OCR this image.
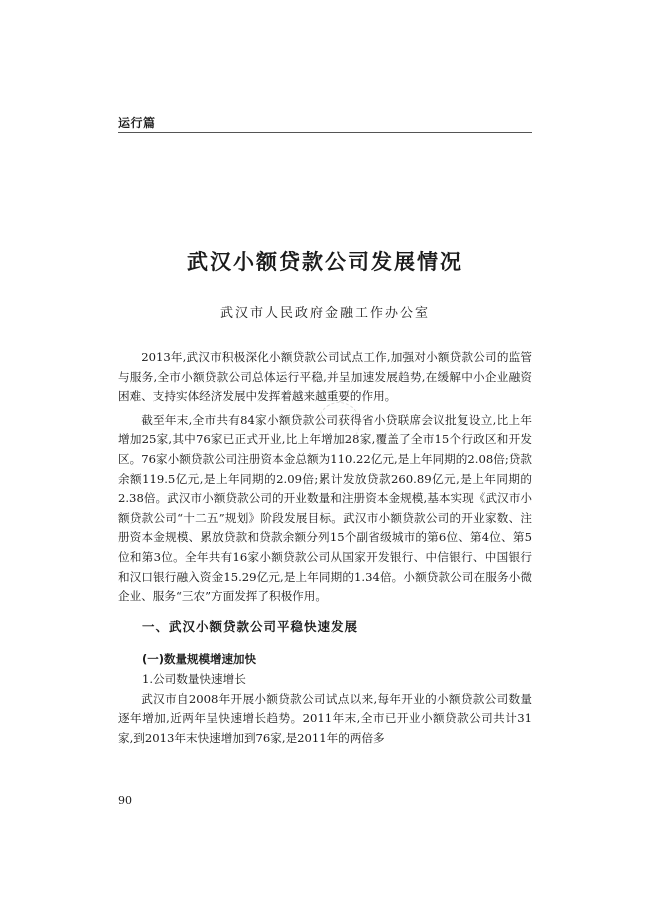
运行篇
武汉小额贷款公司发展情况
武汉市人民政府金融工作办公室

2013年,武汉市积极深化小额贷款公司试点工作,加强对小额贷款公司的监管与服务,全市小额贷款公司总体运行平稳,并呈加速发展趋势,在缓解中小企业融资困难、支持实体经济发展中发挥着越来越重要的作用。

截至年末,全市共有84家小额贷款公司获得省小贷联席会议批复设立,比上年增加25家,其中76家已正式开业,比上年增加28家,覆盖了全市15个行政区和开发区。76家小额贷款公司注册资本金总额为110.22亿元,是上年同期的2.08倍;贷款余额119.5亿元,是上年同期的2.09倍;累计发放贷款260.89亿元,是上年同期的2.38倍。武汉市小额贷款公司的开业数量和注册资本金规模,基本实现《武汉市小额贷款公司“十二五”规划》阶段发展目标。武汉市小额贷款公司的开业家数、注册资本金规模、累放贷款和贷款余额分列15个副省级城市的第6位、第4位、第5位和第3位。全年共有16家小额贷款公司从国家开发银行、中信银行、中国银行和汉口银行融入资金15.29亿元,是上年同期的1.34倍。小额贷款公司在服务小微企业、服务“三农”方面发挥了积极作用。

一、武汉小额贷款公司平稳快速发展
(一)数量规模增速加快
1.公司数量快速增长

武汉市自2008年开展小额贷款公司试点以来,每年开业的小额贷款公司数量逐年增加,近两年呈快速增长趋势。2011年末,全市已开业小额贷款公司共计31家,到2013年末快速增加到76家,是2011年的两倍多

90
